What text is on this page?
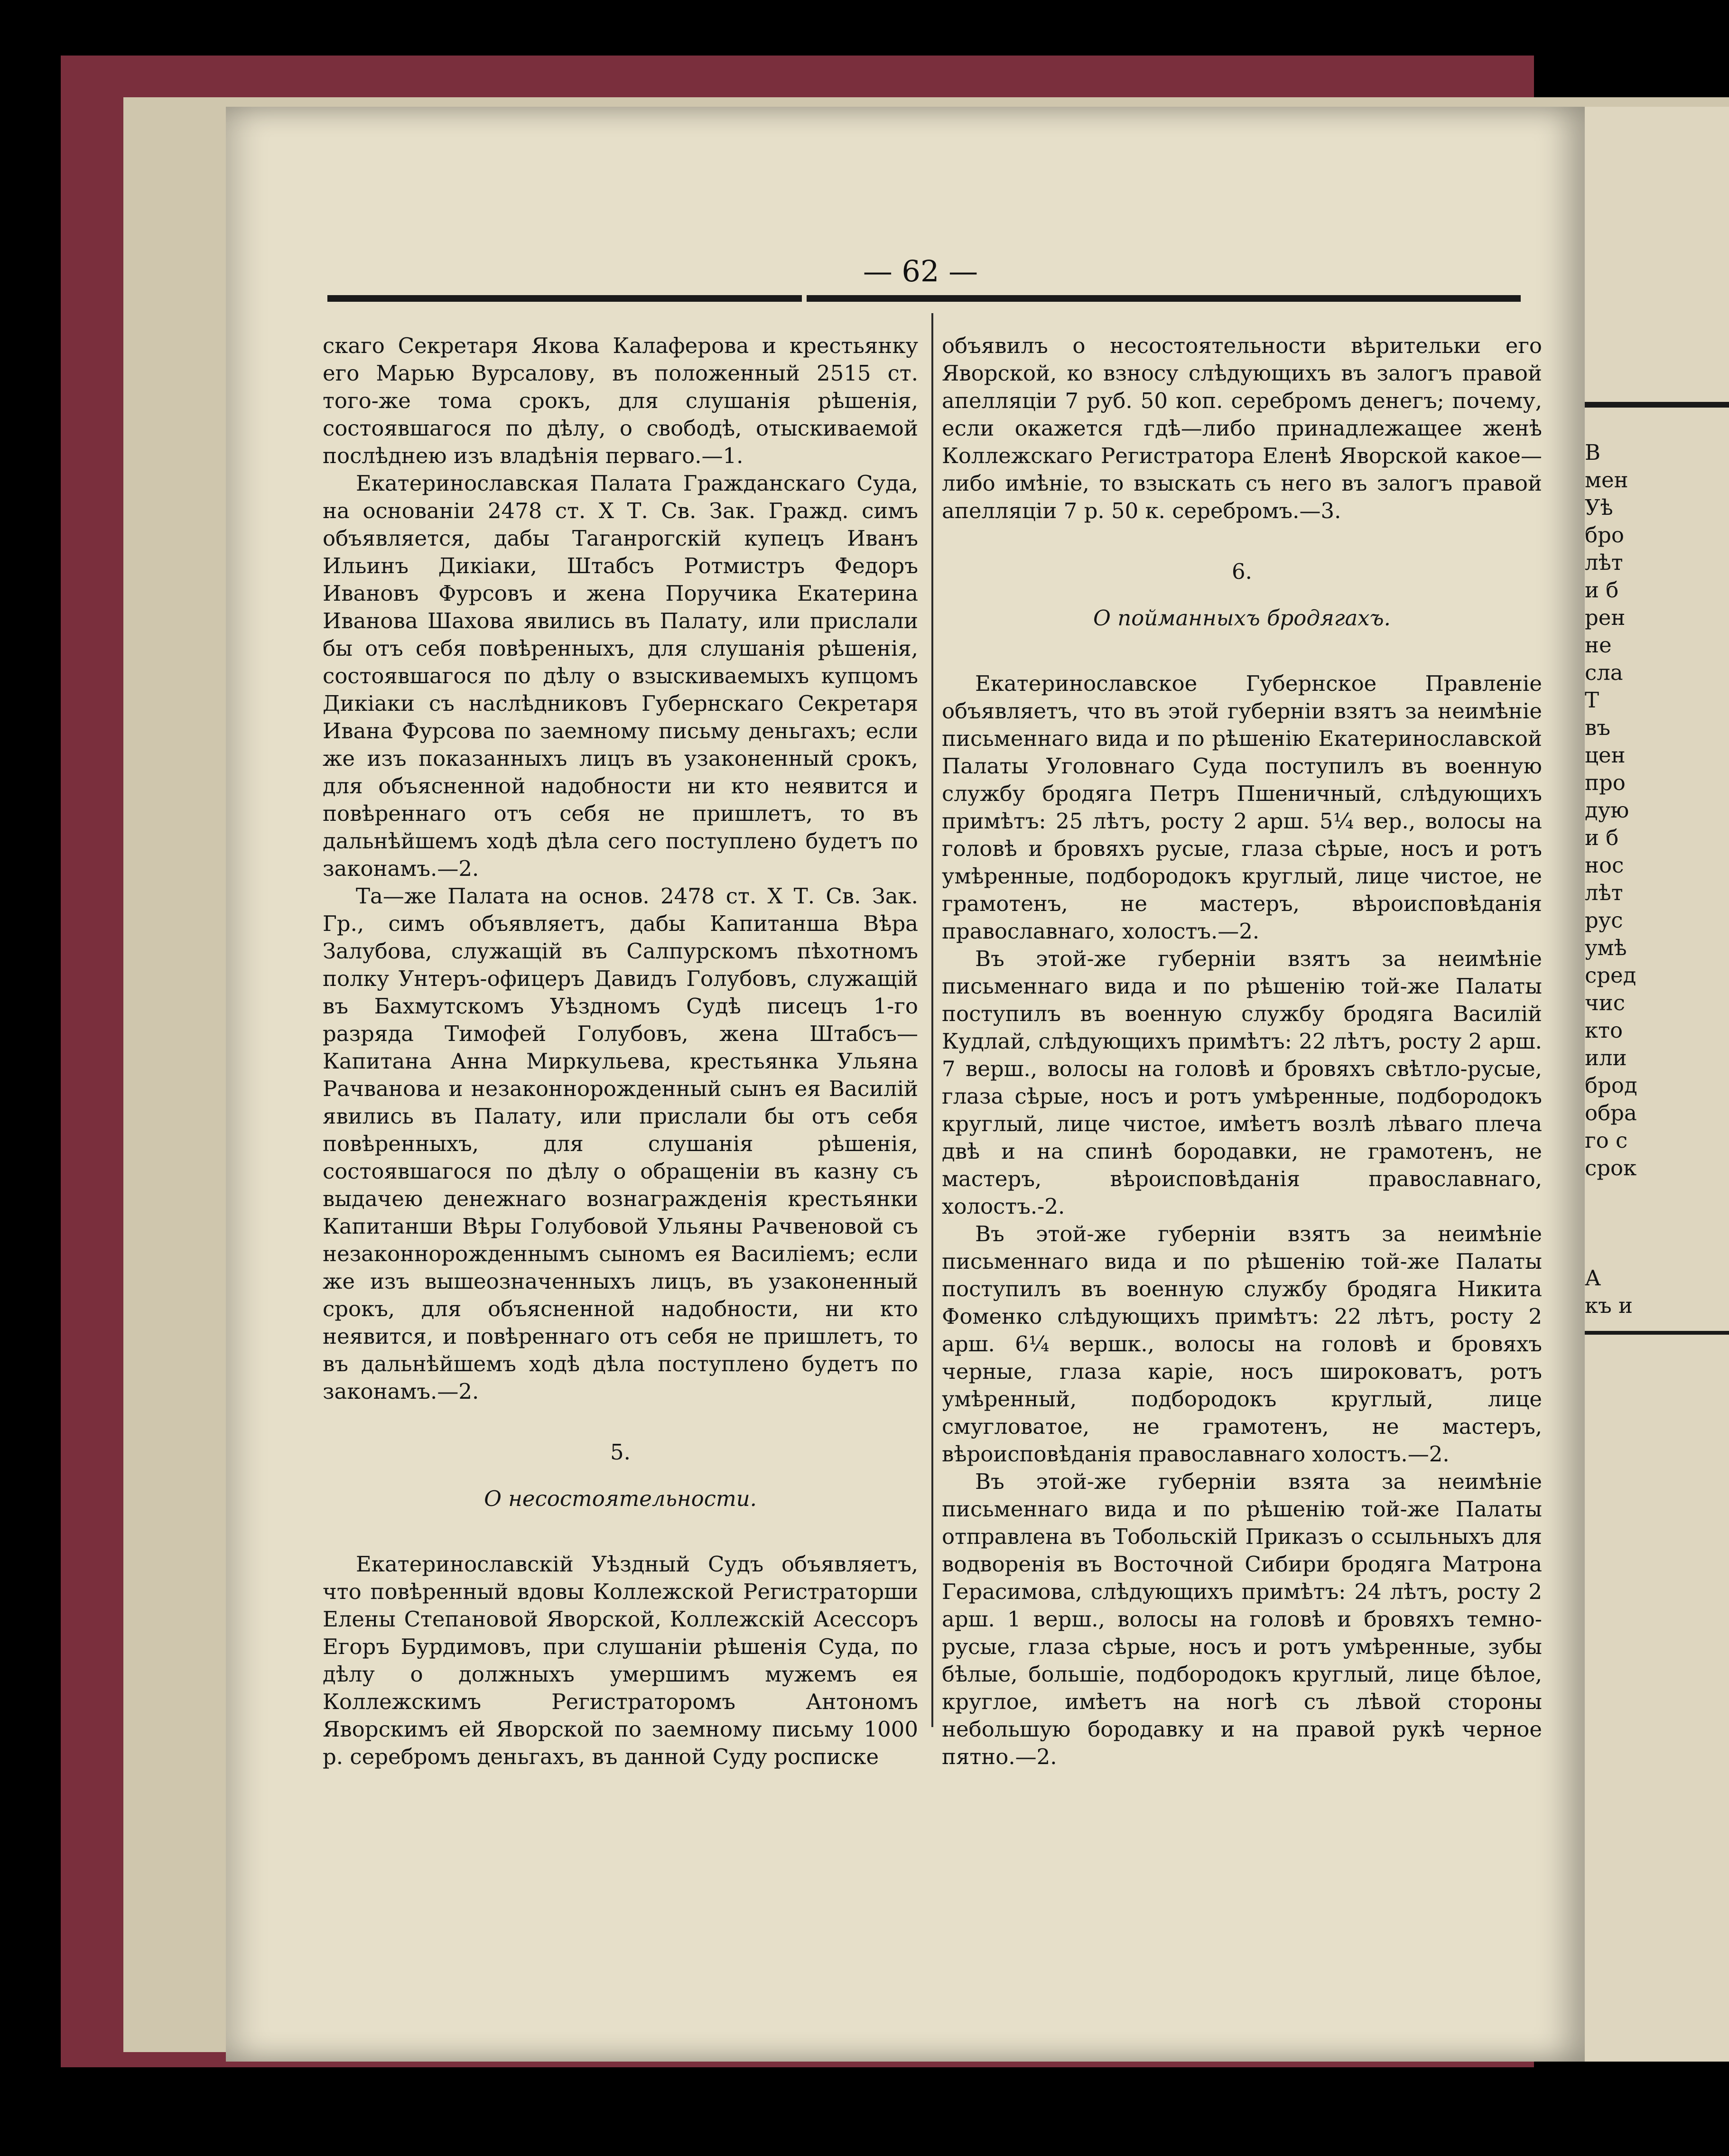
— 62 —

скаго Секретаря Якова Калаферова и крестьянку его Марью Вурсалову, въ положенный 2515 ст. того-же тома срокъ, для слушанія рѣшенія, состоявшагося по дѣлу, о свободѣ, отыскиваемой послѣднею изъ владѣнія перваго.—1.

Екатеринославская Палата Гражданскаго Суда, на основаніи 2478 ст. X Т. Св. Зак. Гражд. симъ объявляется, дабы Таганрогскій купецъ Иванъ Ильинъ Дикіаки, Штабсъ Ротмистръ Федоръ Ивановъ Фурсовъ и жена Поручика Екатерина Иванова Шахова явились въ Палату, или прислали бы отъ себя повѣренныхъ, для слушанія рѣшенія, состоявшагося по дѣлу о взыскиваемыхъ купцомъ Дикіаки съ наслѣдниковъ Губернскаго Секретаря Ивана Фурсова по заемному письму деньгахъ; если же изъ показанныхъ лицъ въ узаконенный срокъ, для объясненной надобности ни кто неявится и повѣреннаго отъ себя не пришлетъ, то въ дальнѣйшемъ ходѣ дѣла сего поступлено будетъ по законамъ.—2.

Та—же Палата на основ. 2478 ст. X Т. Св. Зак. Гр., симъ объявляетъ, дабы Капитанша Вѣра Залубова, служащій въ Салпурскомъ пѣхотномъ полку Унтеръ-офицеръ Давидъ Голубовъ, служащій въ Бахмутскомъ Уѣздномъ Судѣ писецъ 1-го разряда Тимофей Голубовъ, жена Штабсъ—Капитана Анна Миркульева, крестьянка Ульяна Рачванова и незаконнорожденный сынъ ея Василій явились въ Палату, или прислали бы отъ себя повѣренныхъ, для слушанія рѣшенія, состоявшагося по дѣлу о обращеніи въ казну съ выдачею денежнаго вознагражденія крестьянки Капитанши Вѣры Голубовой Ульяны Рачвеновой съ незаконнорожденнымъ сыномъ ея Василіемъ; если же изъ вышеозначенныхъ лицъ, въ узаконенный срокъ, для объясненной надобности, ни кто неявится, и повѣреннаго отъ себя не пришлетъ, то въ дальнѣйшемъ ходѣ дѣла поступлено будетъ по законамъ.—2.

5.

О несостоятельности.

Екатеринославскій Уѣздный Судъ объявляетъ, что повѣренный вдовы Коллежской Регистраторши Елены Степановой Яворской, Коллежскій Асессоръ Егоръ Бурдимовъ, при слушаніи рѣшенія Суда, по дѣлу о должныхъ умершимъ мужемъ ея Коллежскимъ Регистраторомъ Антономъ Яворскимъ ей Яворской по заемному письму 1000 р. серебромъ деньгахъ, въ данной Суду росписке

объявилъ о несостоятельности вѣрительки его Яворской, ко взносу слѣдующихъ въ залогъ правой апелляціи 7 руб. 50 коп. серебромъ денегъ; почему, если окажется гдѣ—либо принадлежащее женѣ Коллежскаго Регистратора Еленѣ Яворской какое—либо имѣніе, то взыскать съ него въ залогъ правой апелляціи 7 р. 50 к. серебромъ.—3.

6.

О пойманныхъ бродягахъ.

Екатеринославское Губернское Правленіе объявляетъ, что въ этой губерніи взятъ за неимѣніе письменнаго вида и по рѣшенію Екатеринославской Палаты Уголовнаго Суда поступилъ въ военную службу бродяга Петръ Пшеничный, слѣдующихъ примѣтъ: 25 лѣтъ, росту 2 арш. 5¼ вер., волосы на головѣ и бровяхъ русые, глаза сѣрые, носъ и ротъ умѣренные, подбородокъ круглый, лице чистое, не грамотенъ, не мастеръ, вѣроисповѣданія православнаго, холостъ.—2.

Въ этой-же губерніи взятъ за неимѣніе письменнаго вида и по рѣшенію той-же Палаты поступилъ въ военную службу бродяга Василій Кудлай, слѣдующихъ примѣтъ: 22 лѣтъ, росту 2 арш. 7 верш., волосы на головѣ и бровяхъ свѣтло-русые, глаза сѣрые, носъ и ротъ умѣренные, подбородокъ круглый, лице чистое, имѣетъ возлѣ лѣваго плеча двѣ и на спинѣ бородавки, не грамотенъ, не мастеръ, вѣроисповѣданія православнаго, холостъ.-2.

Въ этой-же губерніи взятъ за неимѣніе письменнаго вида и по рѣшенію той-же Палаты поступилъ въ военную службу бродяга Никита Фоменко слѣдующихъ примѣтъ: 22 лѣтъ, росту 2 арш. 6¼ вершк., волосы на головѣ и бровяхъ черные, глаза каріе, носъ широковатъ, ротъ умѣренный, подбородокъ круглый, лице смугловатое, не грамотенъ, не мастеръ, вѣроисповѣданія православнаго холостъ.—2.

Въ этой-же губерніи взята за неимѣніе письменнаго вида и по рѣшенію той-же Палаты отправлена въ Тобольскій Приказъ о ссыльныхъ для водворенія въ Восточной Сибири бродяга Матрона Герасимова, слѣдующихъ примѣтъ: 24 лѣтъ, росту 2 арш. 1 верш., волосы на головѣ и бровяхъ темно-русые, глаза сѣрые, носъ и ротъ умѣренные, зубы бѣлые, большіе, подбородокъ круглый, лице бѣлое, круглое, имѣетъ на ногѣ съ лѣвой стороны небольшую бородавку и на правой рукѣ черное пятно.—2.

В
мен
Уѣ
бро
лѣт
и б
рен
не
сла
Т
въ
цен
про
дую
и б
нос
лѣт
рус
умѣ
сред
чис
кто
или
брод
обра
го с
срок

А
къ и
